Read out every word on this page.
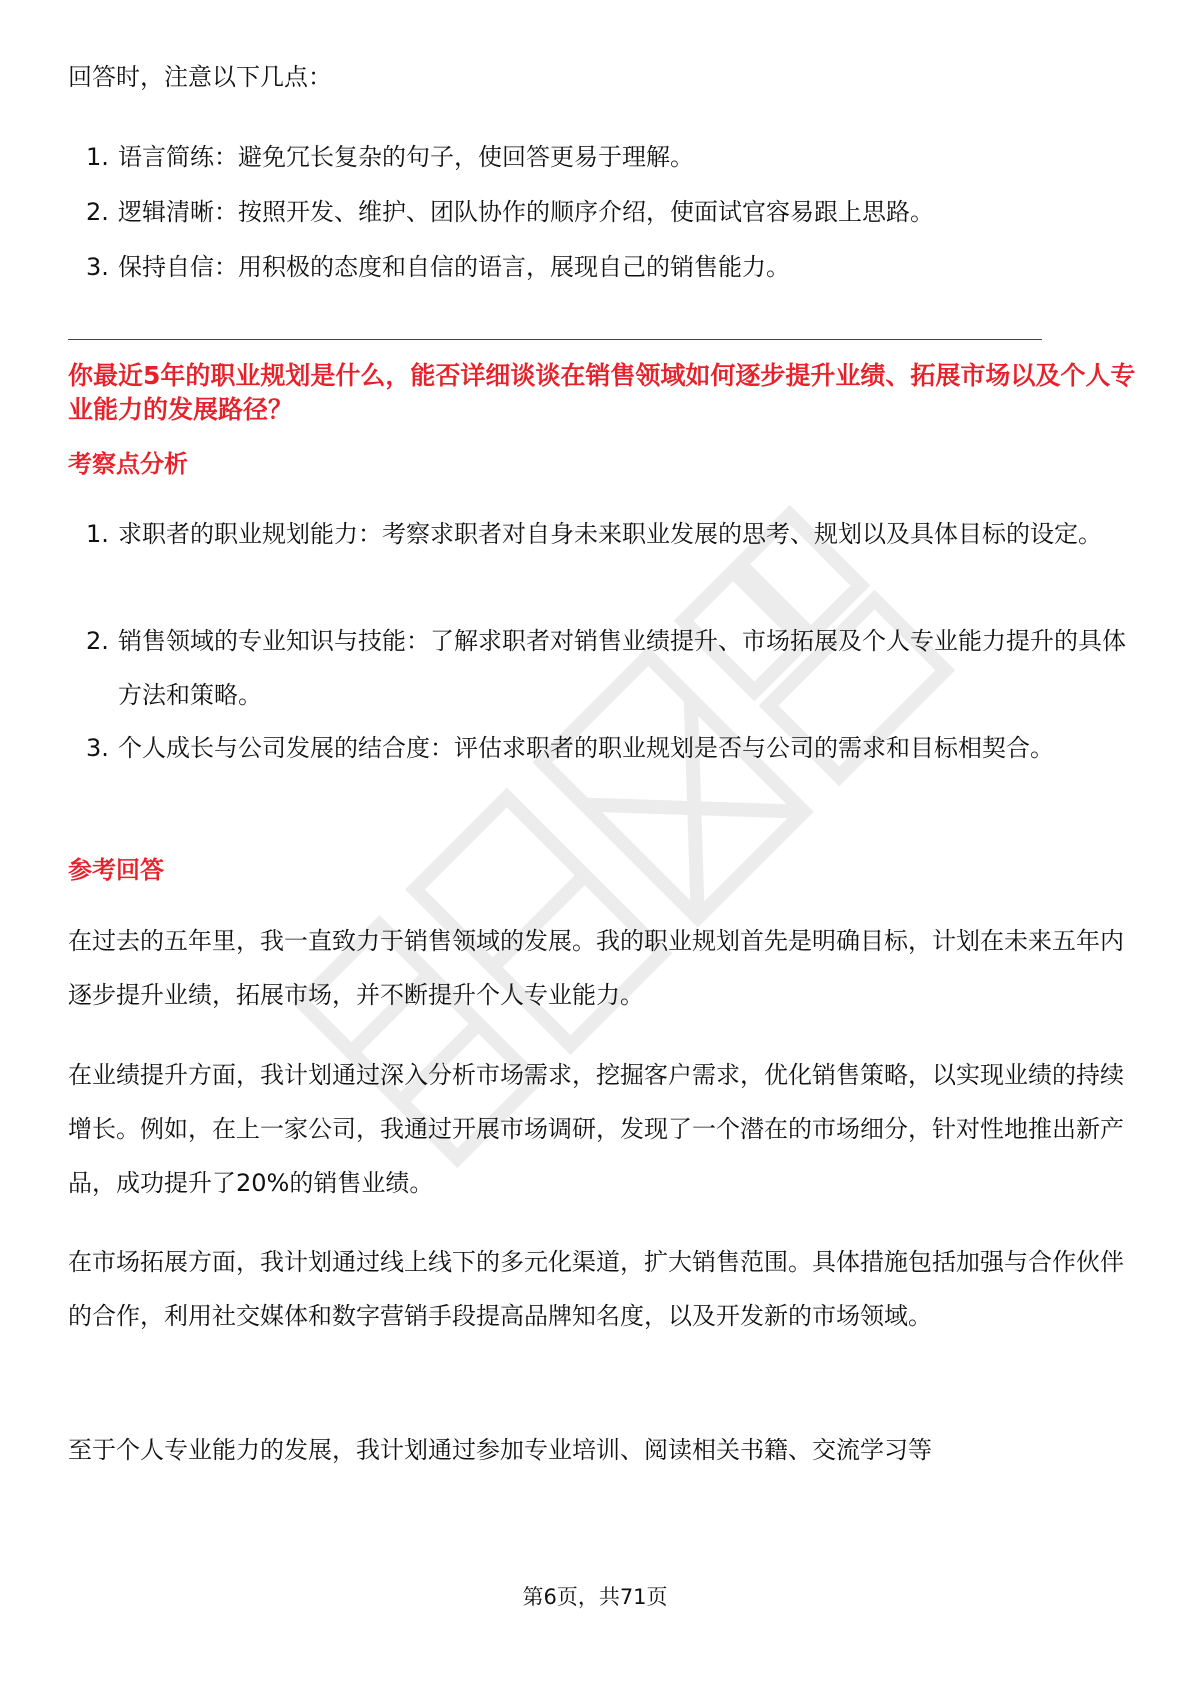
回答时，注意以下几点：
1. 语言简练：避免冗长复杂的句子，使回答更易于理解。
2. 逻辑清晰：按照开发、维护、团队协作的顺序介绍，使面试官容易跟上思路。
3. 保持自信：用积极的态度和自信的语言，展现自己的销售能力。
你最近5年的职业规划是什么，能否详细谈谈在销售领域如何逐步提升业绩、拓展市场以及个人专业能力的发展路径？
考察点分析
1. 求职者的职业规划能力：考察求职者对自身未来职业发展的思考、规划以及具体目标的设定。
2. 销售领域的专业知识与技能：了解求职者对销售业绩提升、市场拓展及个人专业能力提升的具体方法和策略。
3. 个人成长与公司发展的结合度：评估求职者的职业规划是否与公司的需求和目标相契合。
参考回答
在过去的五年里，我一直致力于销售领域的发展。我的职业规划首先是明确目标，计划在未来五年内逐步提升业绩，拓展市场，并不断提升个人专业能力。
在业绩提升方面，我计划通过深入分析市场需求，挖掘客户需求，优化销售策略，以实现业绩的持续增长。例如，在上一家公司，我通过开展市场调研，发现了一个潜在的市场细分，针对性地推出新产品，成功提升了20%的销售业绩。
在市场拓展方面，我计划通过线上线下的多元化渠道，扩大销售范围。具体措施包括加强与合作伙伴的合作，利用社交媒体和数字营销手段提高品牌知名度，以及开发新的市场领域。
至于个人专业能力的发展，我计划通过参加专业培训、阅读相关书籍、交流学习等
第6页，共71页
